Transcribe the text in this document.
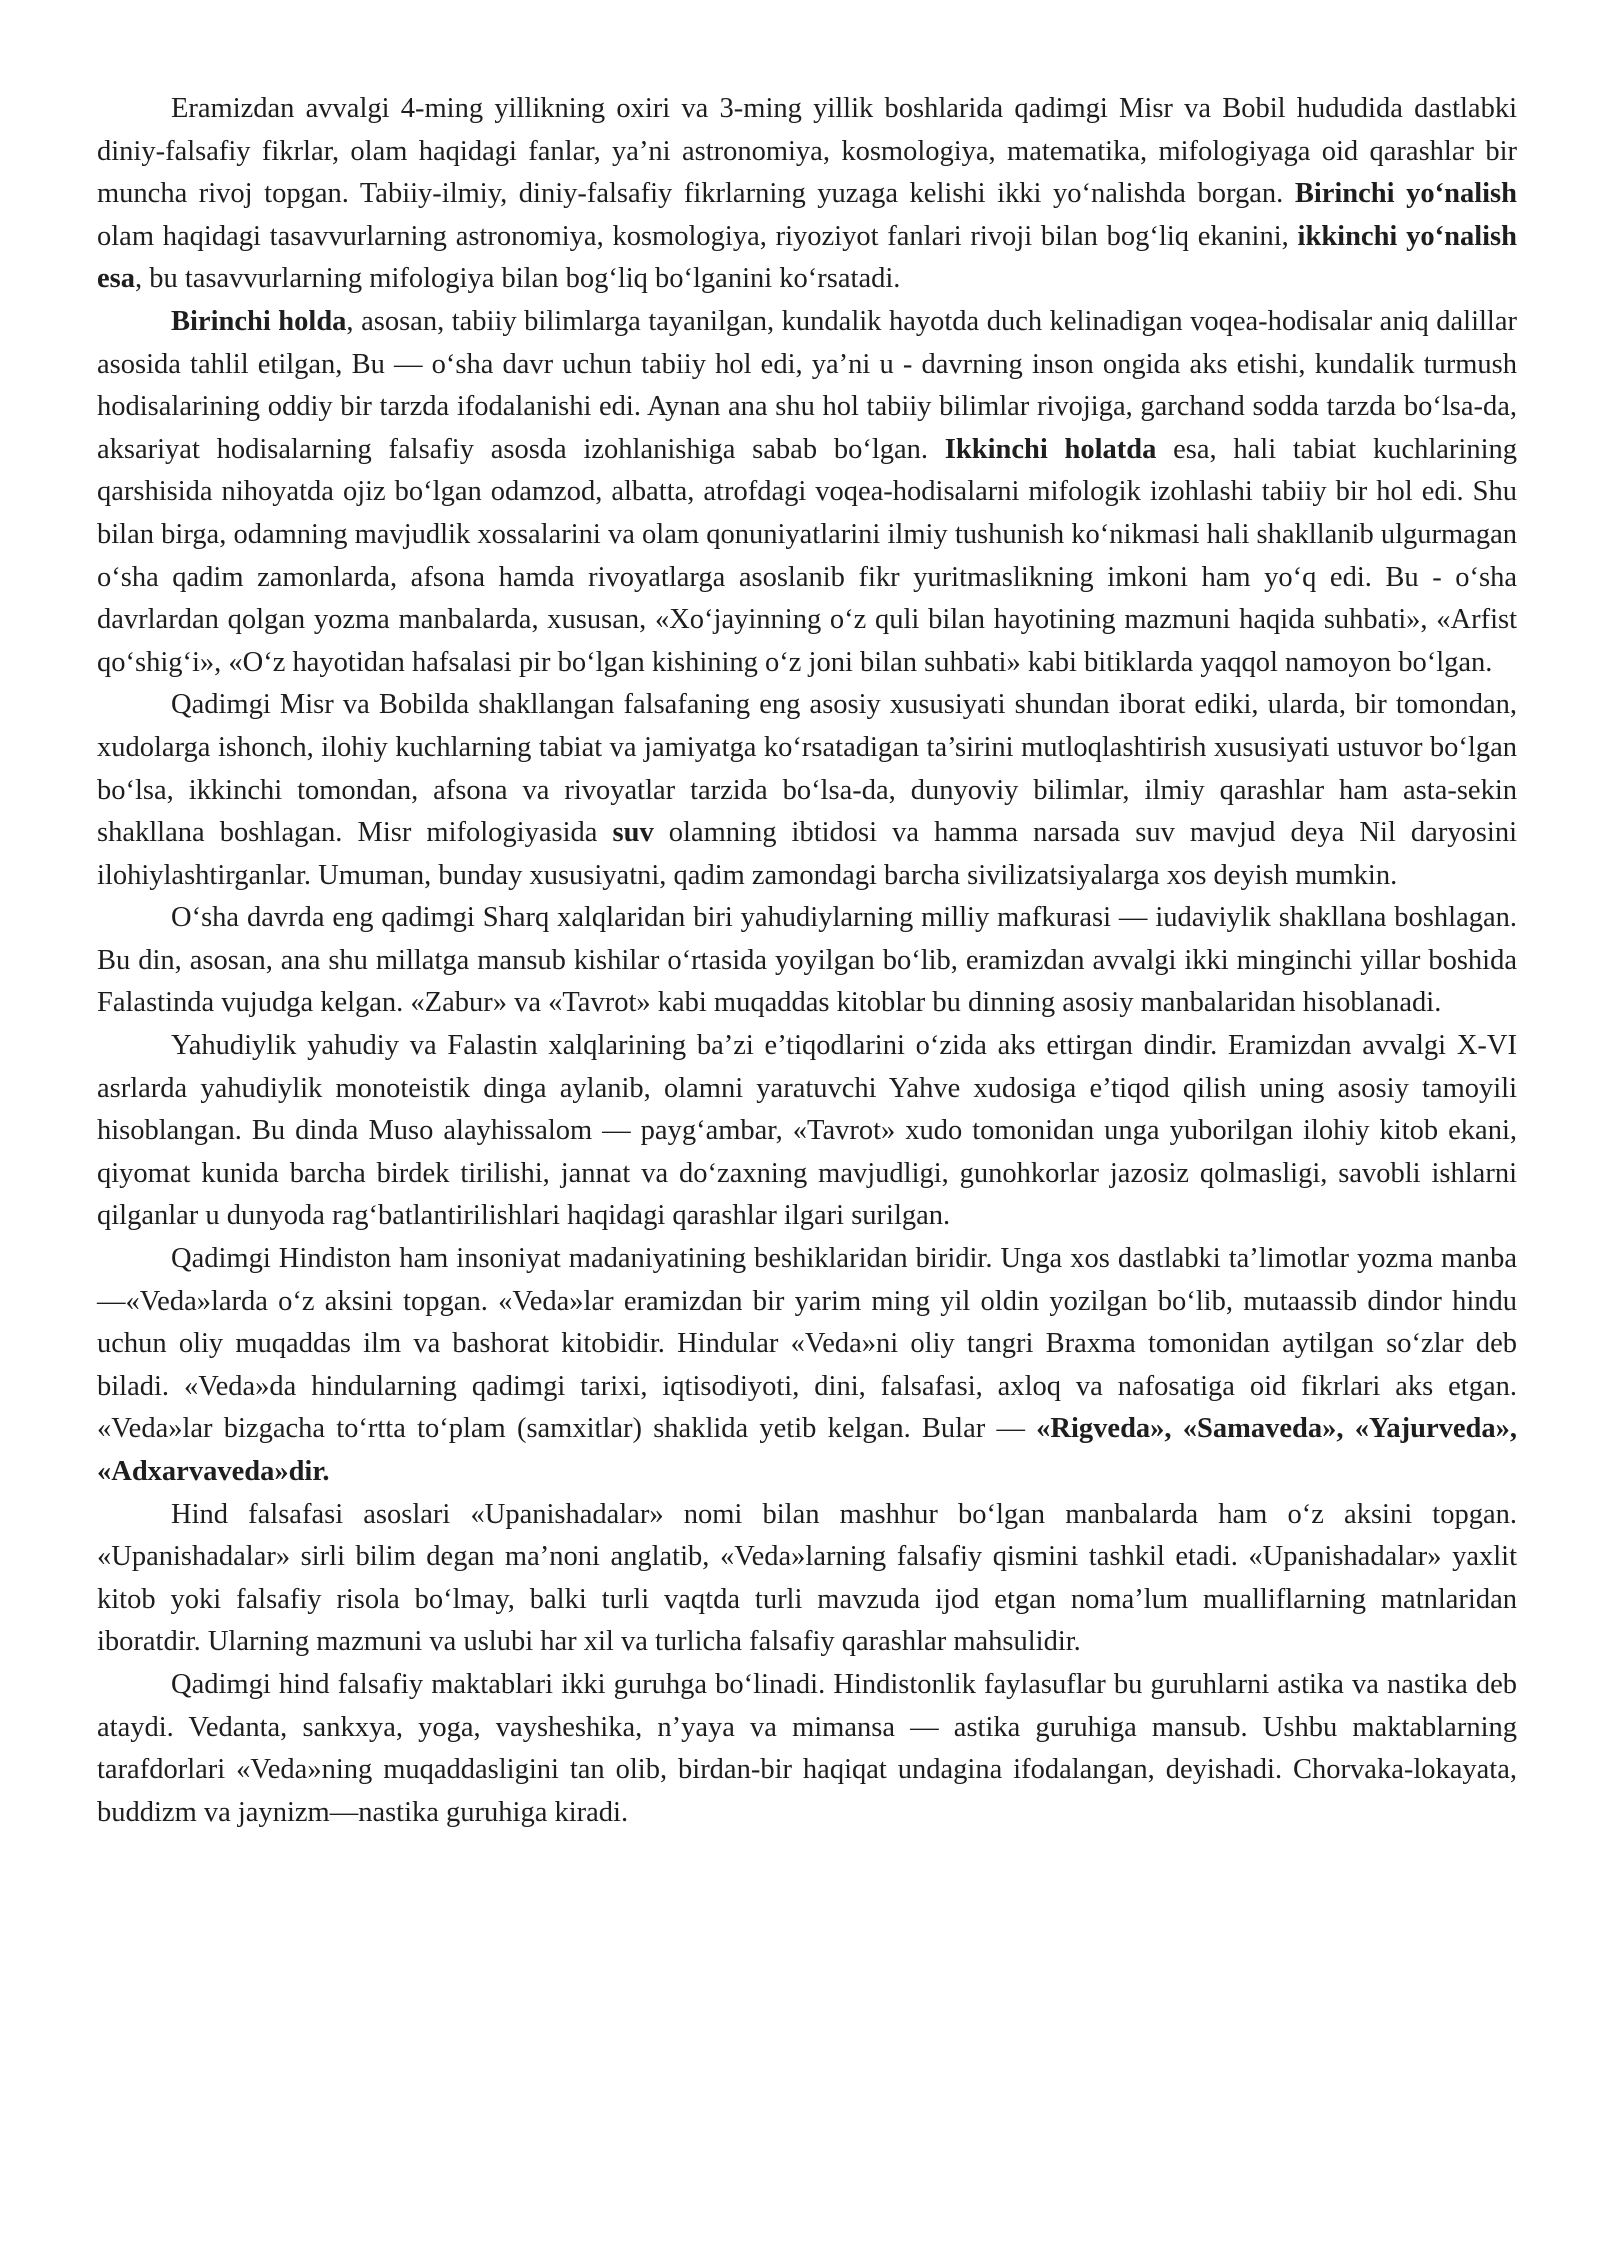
Eramizdan avvalgi 4-ming yillikning oxiri va 3-ming yillik boshlarida qadimgi Misr va Bobil hududida dastlabki diniy-falsafiy fikrlar, olam haqidagi fanlar, ya’ni astronomiya, kosmologiya, matematika, mifologiyaga oid qarashlar bir muncha rivoj topgan. Tabiiy-ilmiy, diniy-falsafiy fikrlarning yuzaga kelishi ikki yo‘nalishda borgan. Birinchi yo‘nalish olam haqidagi tasavvurlarning astronomiya, kosmologiya, riyoziyot fanlari rivoji bilan bog‘liq ekanini, ikkinchi yo‘nalish esa, bu tasavvurlarning mifologiya bilan bog‘liq bo‘lganini ko‘rsatadi.

Birinchi holda, asosan, tabiiy bilimlarga tayanilgan, kundalik hayotda duch kelinadigan voqea-hodisalar aniq dalillar asosida tahlil etilgan, Bu — o‘sha davr uchun tabiiy hol edi, ya’ni u - davrning inson ongida aks etishi, kundalik turmush hodisalarining oddiy bir tarzda ifodalanishi edi. Aynan ana shu hol tabiiy bilimlar rivojiga, garchand sodda tarzda bo‘lsa-da, aksariyat hodisalarning falsafiy asosda izohlanishiga sabab bo‘lgan. Ikkinchi holatda esa, hali tabiat kuchlarining qarshisida nihoyatda ojiz bo‘lgan odamzod, albatta, atrofdagi voqea-hodisalarni mifologik izohlashi tabiiy bir hol edi. Shu bilan birga, odamning mavjudlik xossalarini va olam qonuniyatlarini ilmiy tushunish ko‘nikmasi hali shakllanib ulgurmagan o‘sha qadim zamonlarda, afsona hamda rivoyatlarga asoslanib fikr yuritmaslikning imkoni ham yo‘q edi. Bu - o‘sha davrlardan qolgan yozma manbalarda, xususan, «Xo‘jayinning o‘z quli bilan hayotining mazmuni haqida suhbati», «Arfist qo‘shig‘i», «O‘z hayotidan hafsalasi pir bo‘lgan kishining o‘z joni bilan suhbati» kabi bitiklarda yaqqol namoyon bo‘lgan.

Qadimgi Misr va Bobilda shakllangan falsafaning eng asosiy xususiyati shundan iborat ediki, ularda, bir tomondan, xudolarga ishonch, ilohiy kuchlarning tabiat va jamiyatga ko‘rsatadigan ta’sirini mutloqlashtirish xususiyati ustuvor bo‘lgan bo‘lsa, ikkinchi tomondan, afsona va rivoyatlar tarzida bo‘lsa-da, dunyoviy bilimlar, ilmiy qarashlar ham asta-sekin shakllana boshlagan. Misr mifologiyasida suv olamning ibtidosi va hamma narsada suv mavjud deya Nil daryosini ilohiylashtirganlar. Umuman, bunday xususiyatni, qadim zamondagi barcha sivilizatsiyalarga xos deyish mumkin.

O‘sha davrda eng qadimgi Sharq xalqlaridan biri yahudiylarning milliy mafkurasi — iudaviylik shakllana boshlagan. Bu din, asosan, ana shu millatga mansub kishilar o‘rtasida yoyilgan bo‘lib, eramizdan avvalgi ikki minginchi yillar boshida Falastinda vujudga kelgan. «Zabur» va «Tavrot» kabi muqaddas kitoblar bu dinning asosiy manbalaridan hisoblanadi.

Yahudiylik yahudiy va Falastin xalqlarining ba’zi e’tiqodlarini o‘zida aks ettirgan dindir. Eramizdan avvalgi X-VI asrlarda yahudiylik monoteistik dinga aylanib, olamni yaratuvchi Yahve xudosiga e’tiqod qilish uning asosiy tamoyili hisoblangan. Bu dinda Muso alayhissalom — payg‘ambar, «Tavrot» xudo tomonidan unga yuborilgan ilohiy kitob ekani, qiyomat kunida barcha birdek tirilishi, jannat va do‘zaxning mavjudligi, gunohkorlar jazosiz qolmasligi, savobli ishlarni qilganlar u dunyoda rag‘batlantirilishlari haqidagi qarashlar ilgari surilgan.

Qadimgi Hindiston ham insoniyat madaniyatining beshiklaridan biridir. Unga xos dastlabki ta’limotlar yozma manba—«Veda»larda o‘z aksini topgan. «Veda»lar eramizdan bir yarim ming yil oldin yozilgan bo‘lib, mutaassib dindor hindu uchun oliy muqaddas ilm va bashorat kitobidir. Hindular «Veda»ni oliy tangri Braxma tomonidan aytilgan so‘zlar deb biladi. «Veda»da hindularning qadimgi tarixi, iqtisodiyoti, dini, falsafasi, axloq va nafosatiga oid fikrlari aks etgan. «Veda»lar bizgacha to‘rtta to‘plam (samxitlar) shaklida yetib kelgan. Bular — «Rigveda», «Samaveda», «Yajurveda», «Adxarvaveda»dir.

Hind falsafasi asoslari «Upanishadalar» nomi bilan mashhur bo‘lgan manbalarda ham o‘z aksini topgan. «Upanishadalar» sirli bilim degan ma’noni anglatib, «Veda»larning falsafiy qismini tashkil etadi. «Upanishadalar» yaxlit kitob yoki falsafiy risola bo‘lmay, balki turli vaqtda turli mavzuda ijod etgan noma’lum mualliflarning matnlaridan iboratdir. Ularning mazmuni va uslubi har xil va turlicha falsafiy qarashlar mahsulidir.

Qadimgi hind falsafiy maktablari ikki guruhga bo‘linadi. Hindistonlik faylasuflar bu guruhlarni astika va nastika deb ataydi. Vedanta, sankxya, yoga, vaysheshika, n’yaya va mimansa — astika guruhiga mansub. Ushbu maktablarning tarafdorlari «Veda»ning muqaddasligini tan olib, birdan-bir haqiqat undagina ifodalangan, deyishadi. Chorvaka-lokayata, buddizm va jaynizm—nastika guruhiga kiradi.
